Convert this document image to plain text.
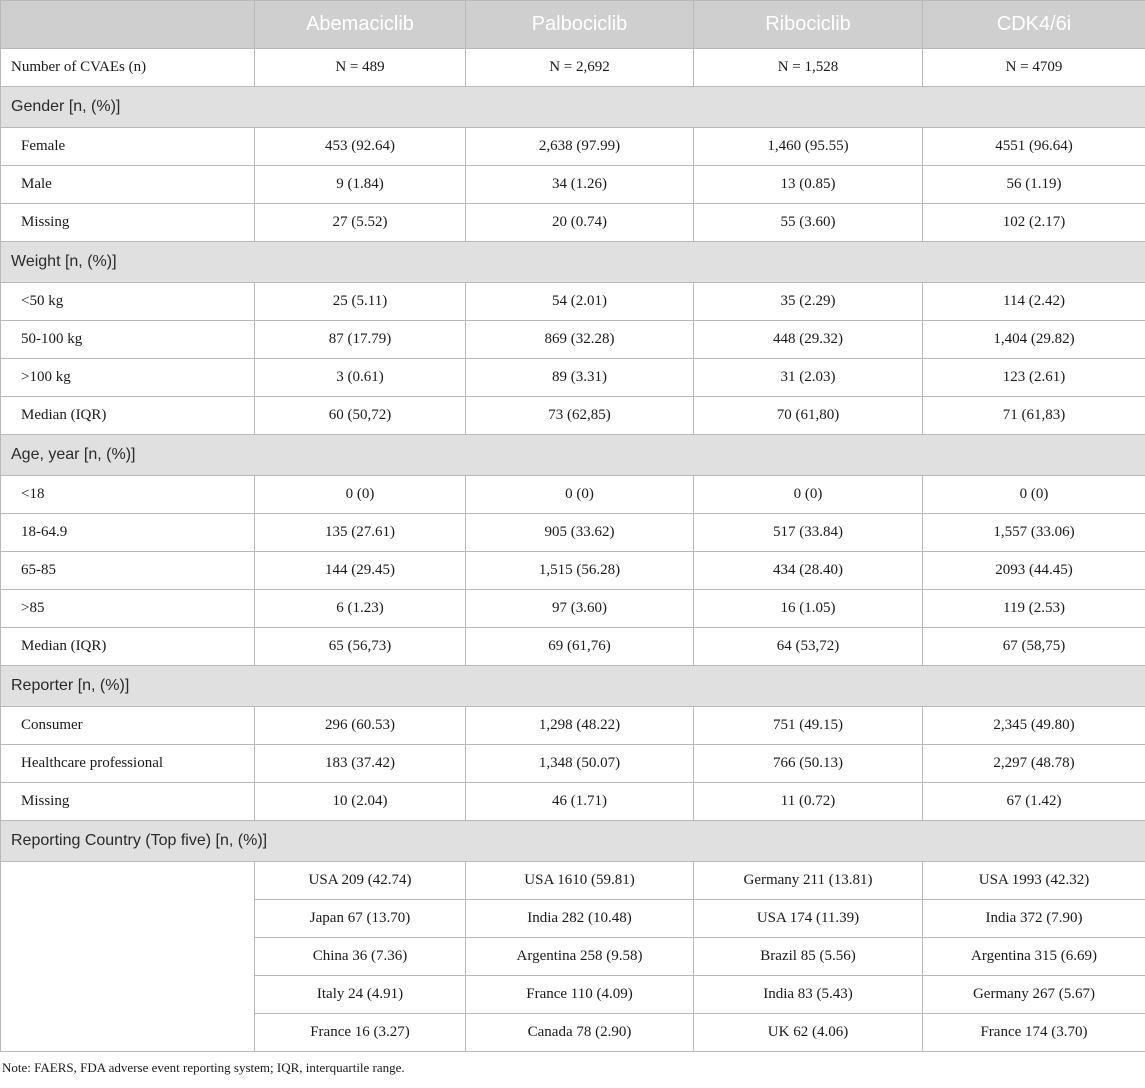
	Abemaciclib	Palbociclib	Ribociclib	CDK4/6i
Number of CVAEs (n)	N = 489	N = 2,692	N = 1,528	N = 4709
Gender [n, (%)]				
Female	453 (92.64)	2,638 (97.99)	1,460 (95.55)	4551 (96.64)
Male	9 (1.84)	34 (1.26)	13 (0.85)	56 (1.19)
Missing	27 (5.52)	20 (0.74)	55 (3.60)	102 (2.17)
Weight [n, (%)]				
<50 kg	25 (5.11)	54 (2.01)	35 (2.29)	114 (2.42)
50-100 kg	87 (17.79)	869 (32.28)	448 (29.32)	1,404 (29.82)
>100 kg	3 (0.61)	89 (3.31)	31 (2.03)	123 (2.61)
Median (IQR)	60 (50,72)	73 (62,85)	70 (61,80)	71 (61,83)
Age, year [n, (%)]				
<18	0 (0)	0 (0)	0 (0)	0 (0)
18-64.9	135 (27.61)	905 (33.62)	517 (33.84)	1,557 (33.06)
65-85	144 (29.45)	1,515 (56.28)	434 (28.40)	2093 (44.45)
>85	6 (1.23)	97 (3.60)	16 (1.05)	119 (2.53)
Median (IQR)	65 (56,73)	69 (61,76)	64 (53,72)	67 (58,75)
Reporter [n, (%)]				
Consumer	296 (60.53)	1,298 (48.22)	751 (49.15)	2,345 (49.80)
Healthcare professional	183 (37.42)	1,348 (50.07)	766 (50.13)	2,297 (48.78)
Missing	10 (2.04)	46 (1.71)	11 (0.72)	67 (1.42)
Reporting Country (Top five) [n, (%)]				
	USA 209 (42.74)	USA 1610 (59.81)	Germany 211 (13.81)	USA 1993 (42.32)
	Japan 67 (13.70)	India 282 (10.48)	USA 174 (11.39)	India 372 (7.90)
	China 36 (7.36)	Argentina 258 (9.58)	Brazil 85 (5.56)	Argentina 315 (6.69)
	Italy 24 (4.91)	France 110 (4.09)	India 83 (5.43)	Germany 267 (5.67)
	France 16 (3.27)	Canada 78 (2.90)	UK 62 (4.06)	France 174 (3.70)
Note: FAERS, FDA adverse event reporting system; IQR, interquartile range.
